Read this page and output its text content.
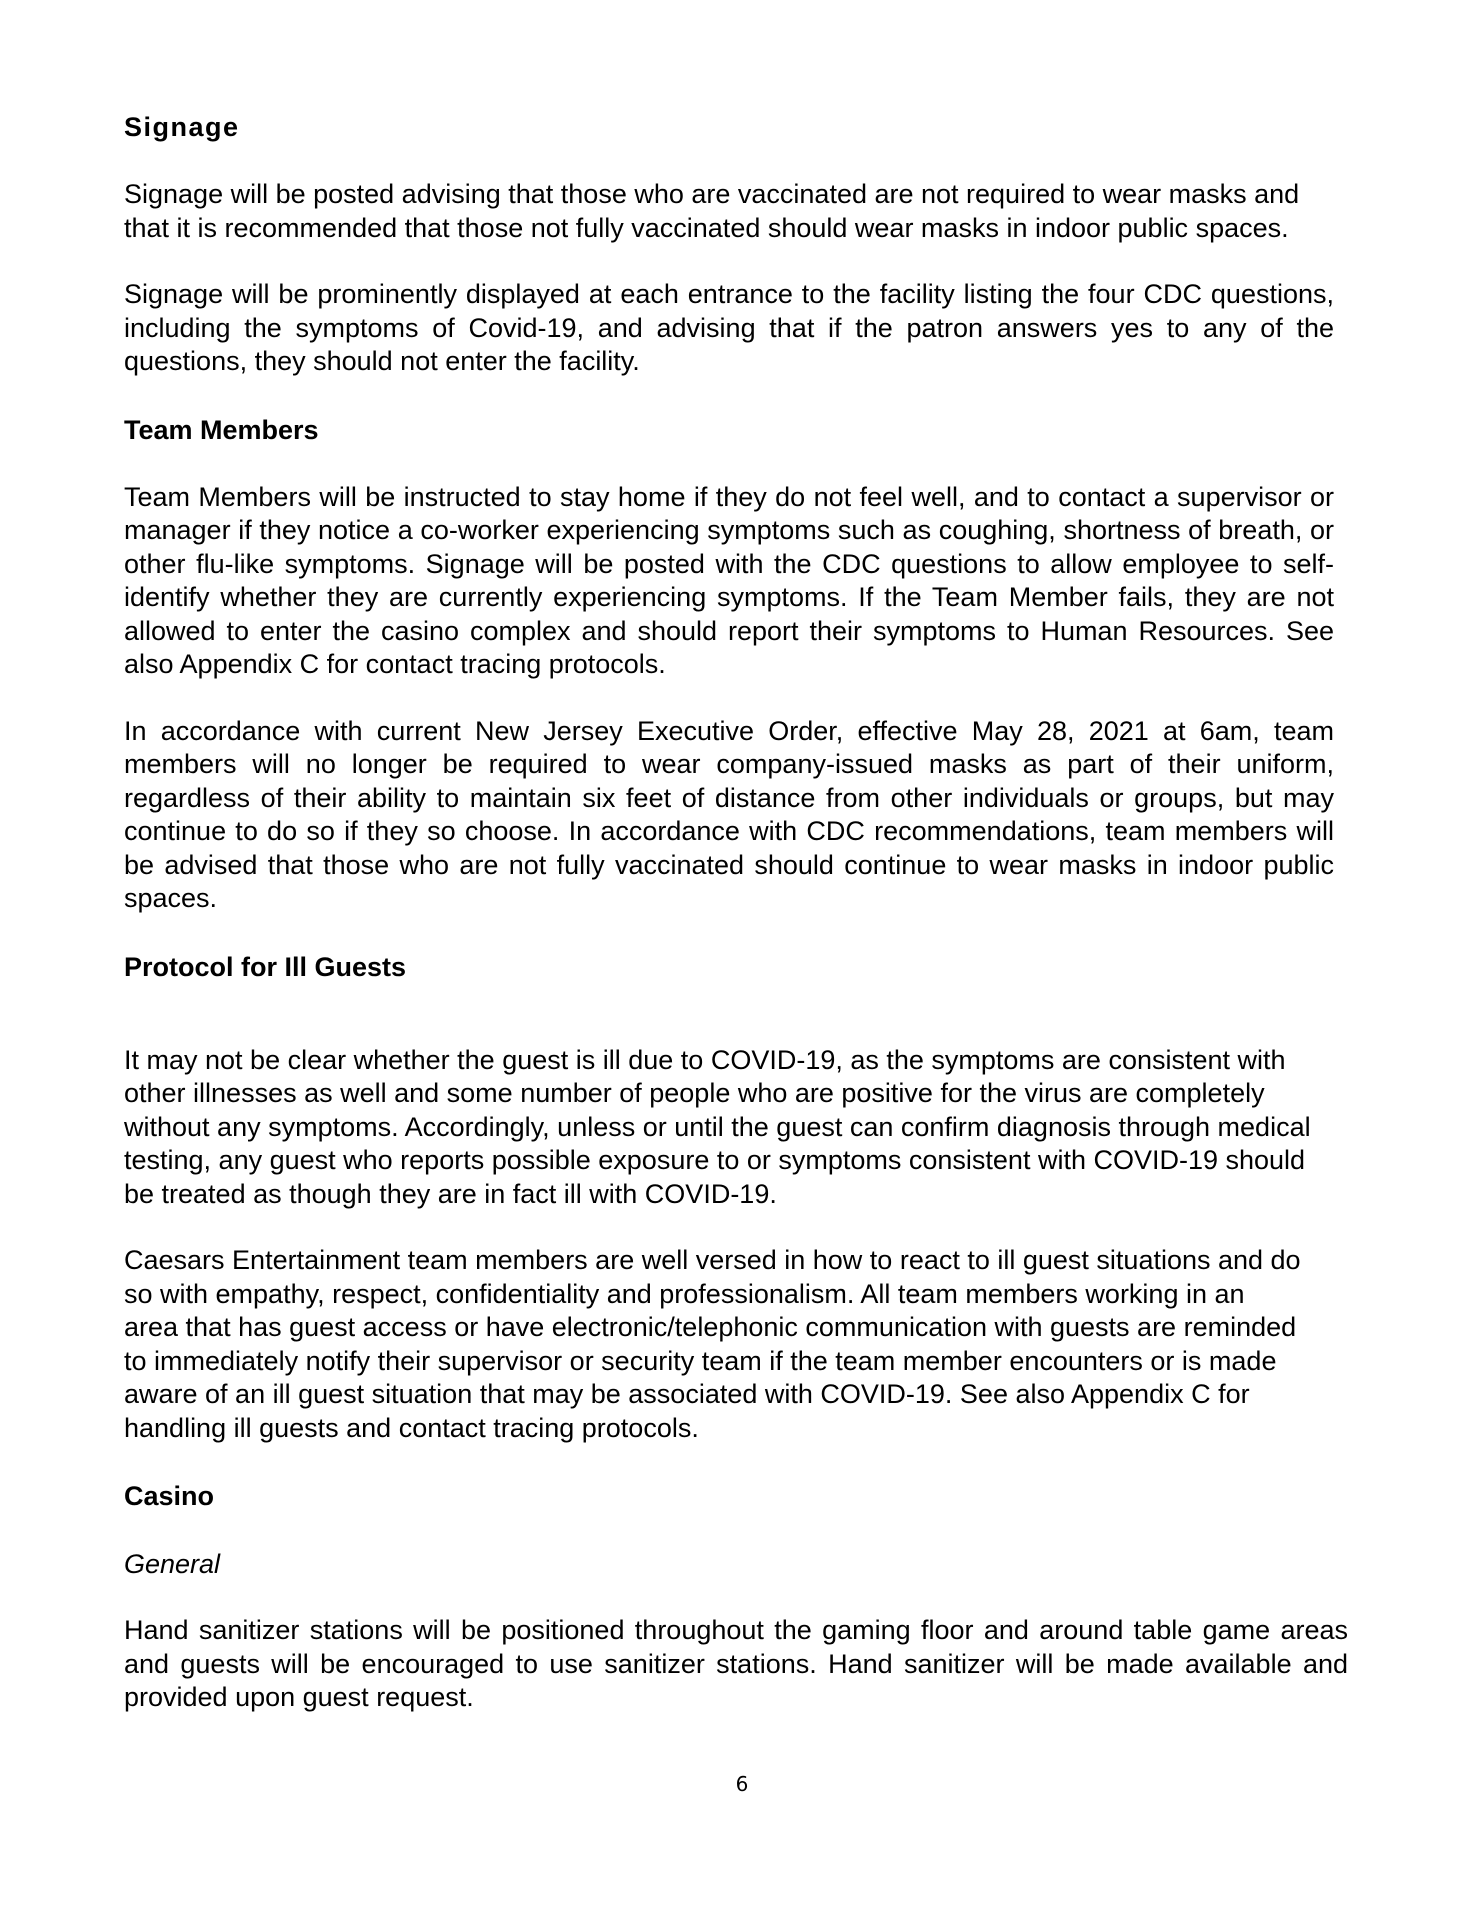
Signage

Signage will be posted advising that those who are vaccinated are not required to wear masks and that it is recommended that those not fully vaccinated should wear masks in indoor public spaces.

Signage will be prominently displayed at each entrance to the facility listing the four CDC questions, including the symptoms of Covid-19, and advising that if the patron answers yes to any of the questions, they should not enter the facility.

Team Members

Team Members will be instructed to stay home if they do not feel well, and to contact a supervisor or manager if they notice a co-worker experiencing symptoms such as coughing, shortness of breath, or other flu-like symptoms. Signage will be posted with the CDC questions to allow employee to self-identify whether they are currently experiencing symptoms. If the Team Member fails, they are not allowed to enter the casino complex and should report their symptoms to Human Resources. See also Appendix C for contact tracing protocols.

In accordance with current New Jersey Executive Order, effective May 28, 2021 at 6am, team members will no longer be required to wear company-issued masks as part of their uniform, regardless of their ability to maintain six feet of distance from other individuals or groups, but may continue to do so if they so choose. In accordance with CDC recommendations, team members will be advised that those who are not fully vaccinated should continue to wear masks in indoor public spaces.

Protocol for Ill Guests

It may not be clear whether the guest is ill due to COVID-19, as the symptoms are consistent with other illnesses as well and some number of people who are positive for the virus are completely without any symptoms. Accordingly, unless or until the guest can confirm diagnosis through medical testing, any guest who reports possible exposure to or symptoms consistent with COVID-19 should be treated as though they are in fact ill with COVID-19.

Caesars Entertainment team members are well versed in how to react to ill guest situations and do so with empathy, respect, confidentiality and professionalism. All team members working in an area that has guest access or have electronic/telephonic communication with guests are reminded to immediately notify their supervisor or security team if the team member encounters or is made aware of an ill guest situation that may be associated with COVID-19. See also Appendix C for handling ill guests and contact tracing protocols.

Casino
General

Hand sanitizer stations will be positioned throughout the gaming floor and around table game areas and guests will be encouraged to use sanitizer stations. Hand sanitizer will be made available and provided upon guest request.

6
